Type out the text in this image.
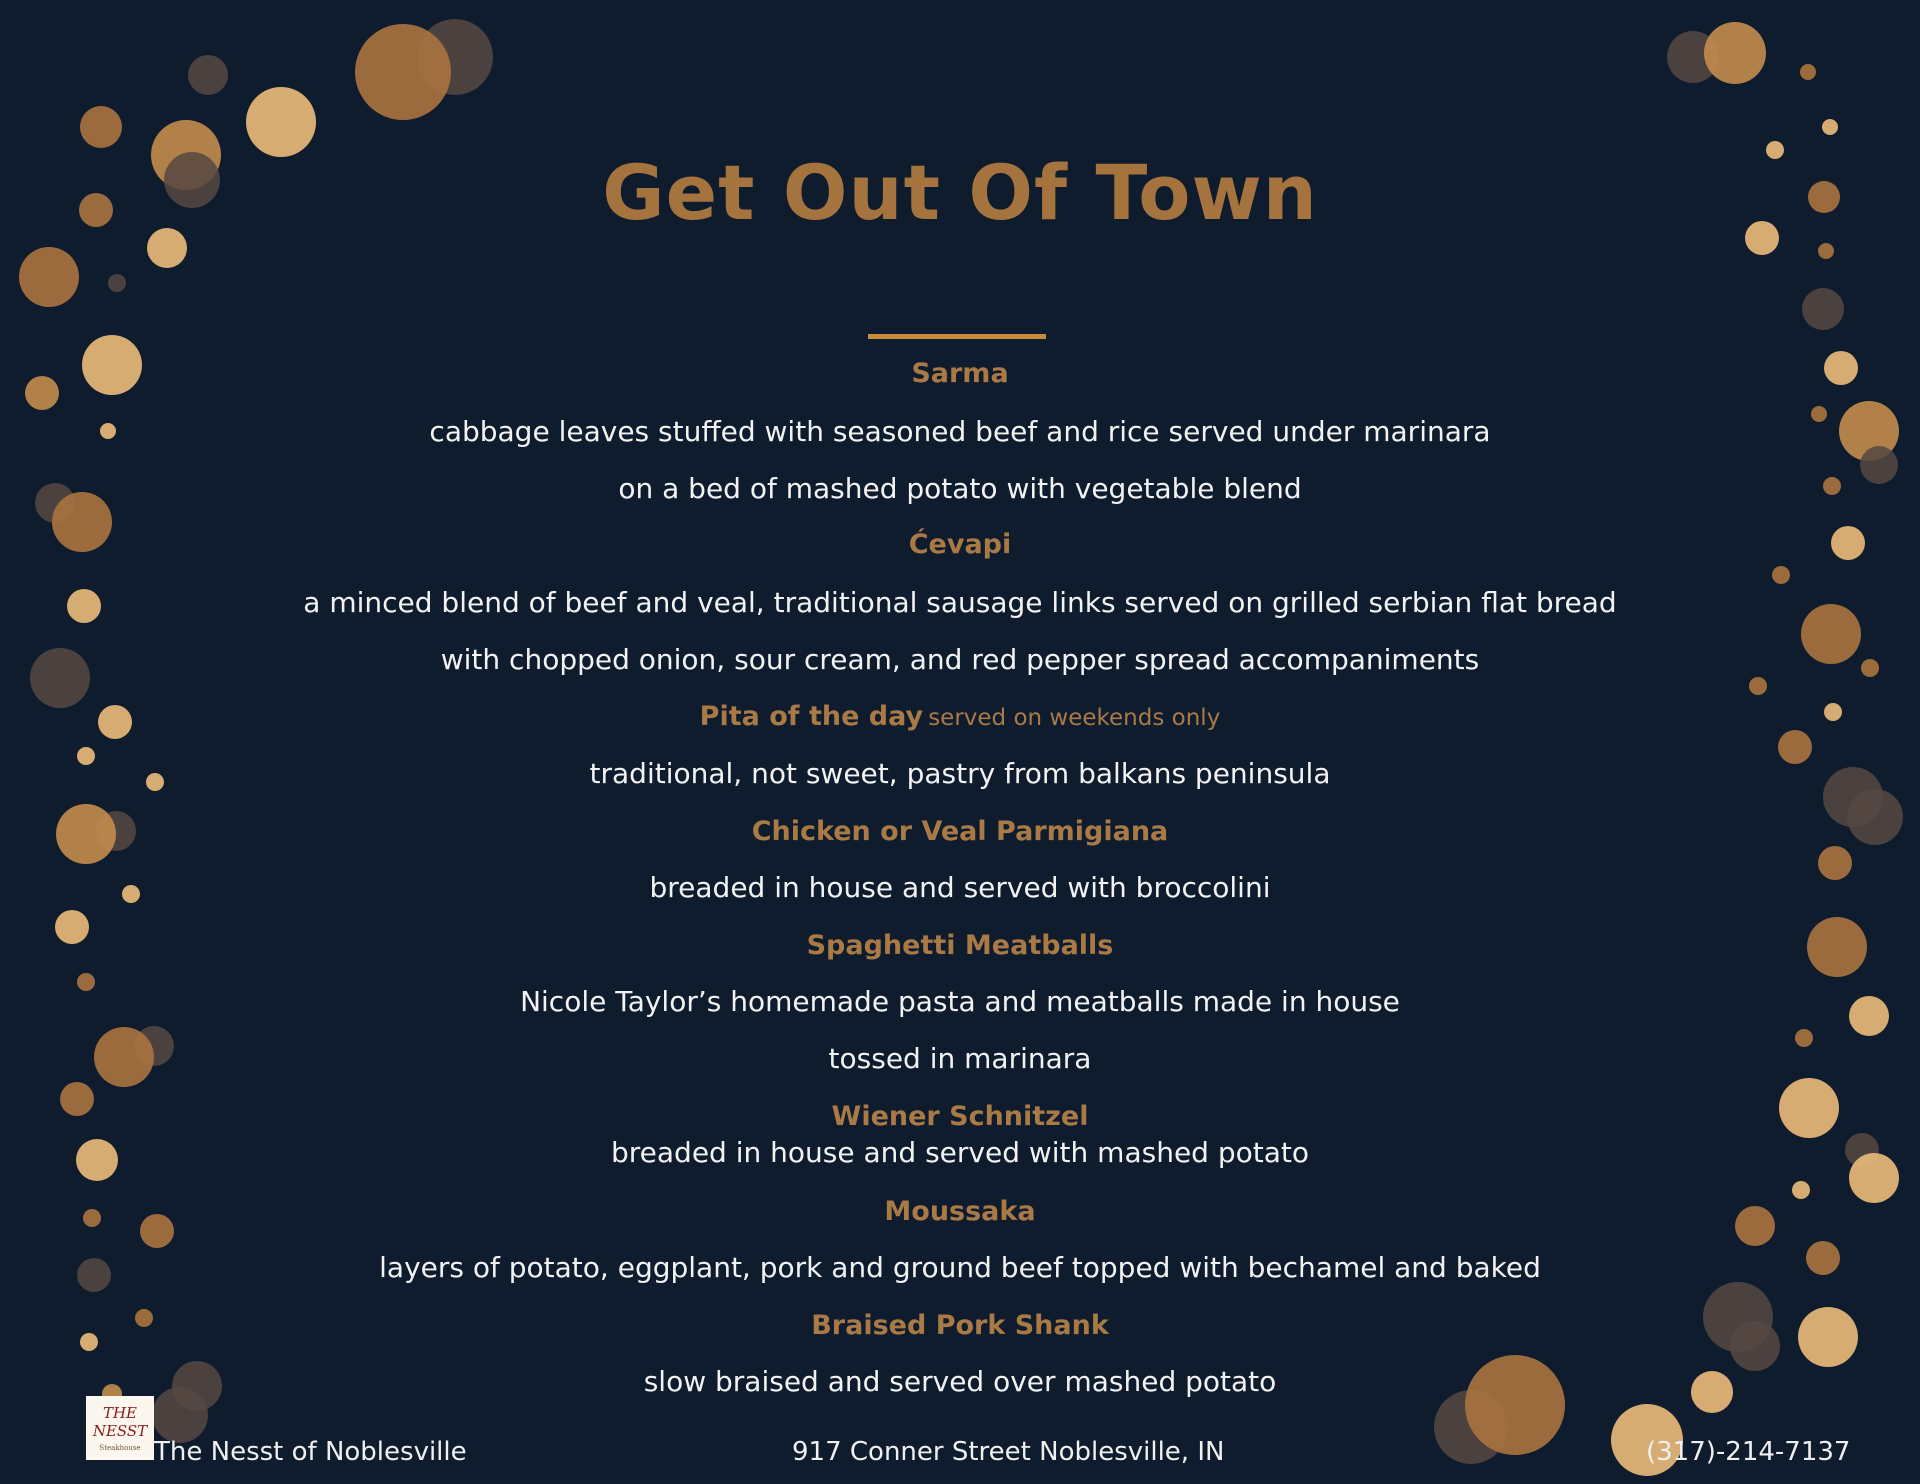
Get Out Of Town
Sarma
cabbage leaves stuffed with seasoned beef and rice served under marinara
on a bed of mashed potato with vegetable blend
Ćevapi
a minced blend of beef and veal, traditional sausage links served on grilled serbian flat bread
with chopped onion, sour cream, and red pepper spread accompaniments
Pita of the day served on weekends only
traditional, not sweet, pastry from balkans peninsula
Chicken or Veal Parmigiana
breaded in house and served with broccolini
Spaghetti Meatballs
Nicole Taylor’s homemade pasta and meatballs made in house
tossed in marinara
Wiener Schnitzel
breaded in house and served with mashed potato
Moussaka
layers of potato, eggplant, pork and ground beef topped with bechamel and baked
Braised Pork Shank
slow braised and served over mashed potato
THE
NESST
Steakhouse The Nesst of Noblesville	917 Conner Street Noblesville, IN	(317)-214-7137
